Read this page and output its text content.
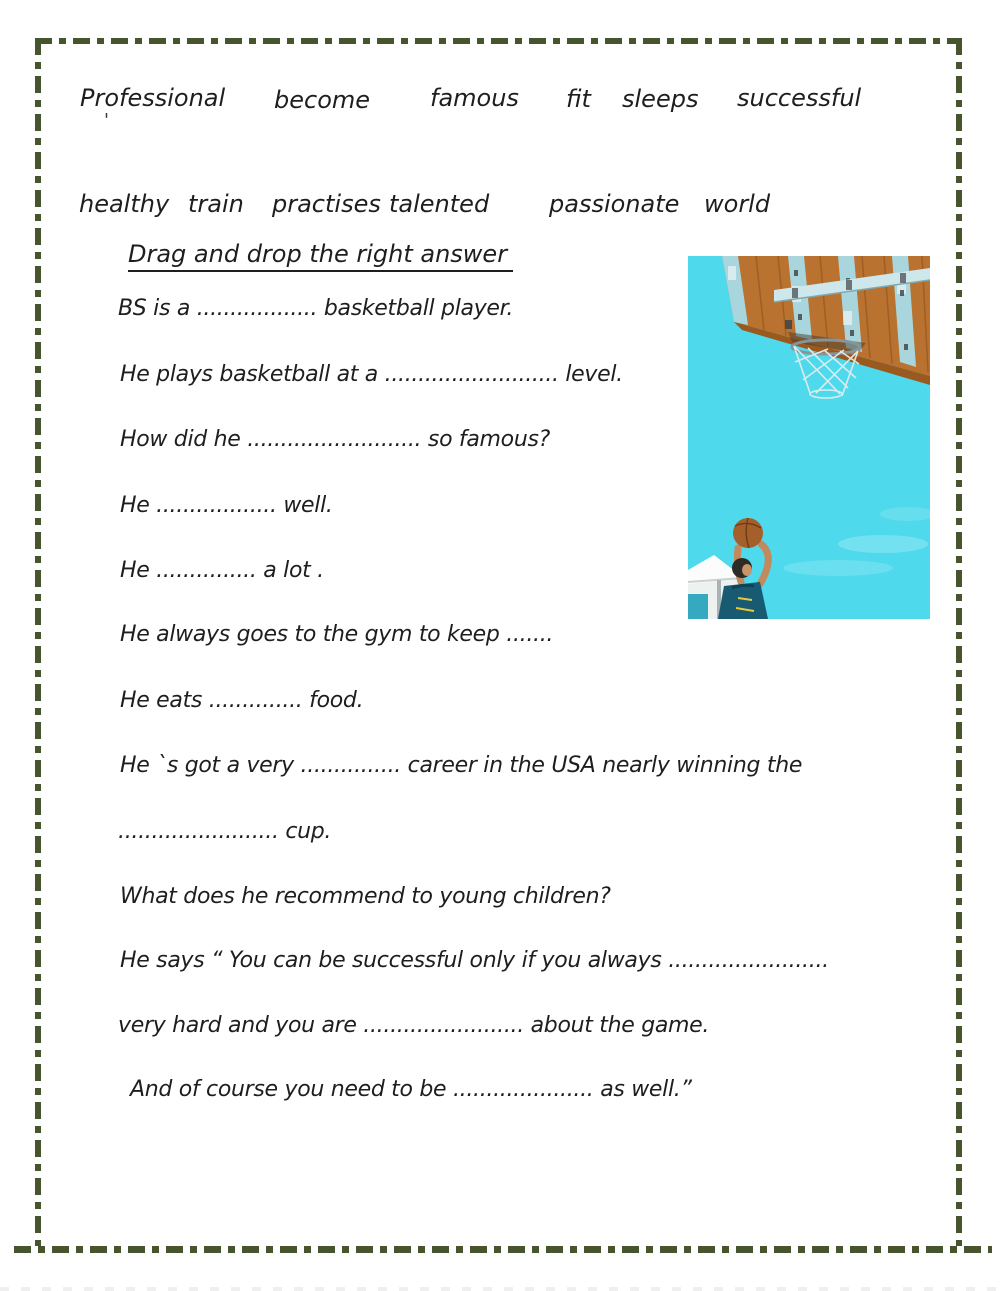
Professional become famous fit sleeps successful
'
healthy train practises talented passionate world
Drag and drop the right answer
BS is a .................. basketball player.
He plays basketball at a .......................... level.
How did he .......................... so famous?
He .................. well.
He ............... a lot .
He always goes to the gym to keep .......
He eats .............. food.
He `s got a very ............... career in the USA nearly winning the
........................ cup.
What does he recommend to young children?
He says “ You can be successful only if you always ........................
very hard and you are ........................ about the game.
And of course you need to be ..................... as well.”
